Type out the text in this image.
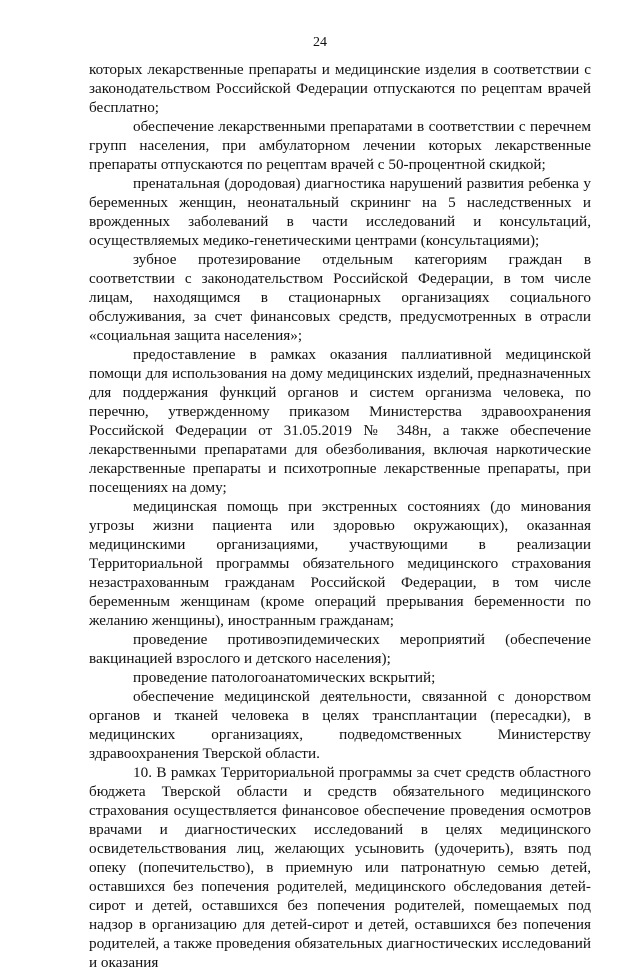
24

которых лекарственные препараты и медицинские изделия в соответствии с законодательством Российской Федерации отпускаются по рецептам врачей бесплатно;

обеспечение лекарственными препаратами в соответствии с перечнем групп населения, при амбулаторном лечении которых лекарственные препараты отпускаются по рецептам врачей с 50-процентной скидкой;

пренатальная (дородовая) диагностика нарушений развития ребенка у беременных женщин, неонатальный скрининг на 5 наследственных и врожденных заболеваний в части исследований и консультаций, осуществляемых медико-генетическими центрами (консультациями);

зубное протезирование отдельным категориям граждан в соответствии с законодательством Российской Федерации, в том числе лицам, находящимся в стационарных организациях социального обслуживания, за счет финансовых средств, предусмотренных в отрасли «социальная защита населения»;

предоставление в рамках оказания паллиативной медицинской помощи для использования на дому медицинских изделий, предназначенных для поддержания функций органов и систем организма человека, по перечню, утвержденному приказом Министерства здравоохранения Российской Федерации от 31.05.2019 № 348н, а также обеспечение лекарственными препаратами для обезболивания, включая наркотические лекарственные препараты и психотропные лекарственные препараты, при посещениях на дому;

медицинская помощь при экстренных состояниях (до минования угрозы жизни пациента или здоровью окружающих), оказанная медицинскими организациями, участвующими в реализации Территориальной программы обязательного медицинского страхования незастрахованным гражданам Российской Федерации, в том числе беременным женщинам (кроме операций прерывания беременности по желанию женщины), иностранным гражданам;

проведение противоэпидемических мероприятий (обеспечение вакцинацией взрослого и детского населения);

проведение патологоанатомических вскрытий;

обеспечение медицинской деятельности, связанной с донорством органов и тканей человека в целях трансплантации (пересадки), в медицинских организациях, подведомственных Министерству здравоохранения Тверской области.

10. В рамках Территориальной программы за счет средств областного бюджета Тверской области и средств обязательного медицинского страхования осуществляется финансовое обеспечение проведения осмотров врачами и диагностических исследований в целях медицинского освидетельствования лиц, желающих усыновить (удочерить), взять под опеку (попечительство), в приемную или патронатную семью детей, оставшихся без попечения родителей, медицинского обследования детей-сирот и детей, оставшихся без попечения родителей, помещаемых под надзор в организацию для детей-сирот и детей, оставшихся без попечения родителей, а также проведения обязательных диагностических исследований и оказания
